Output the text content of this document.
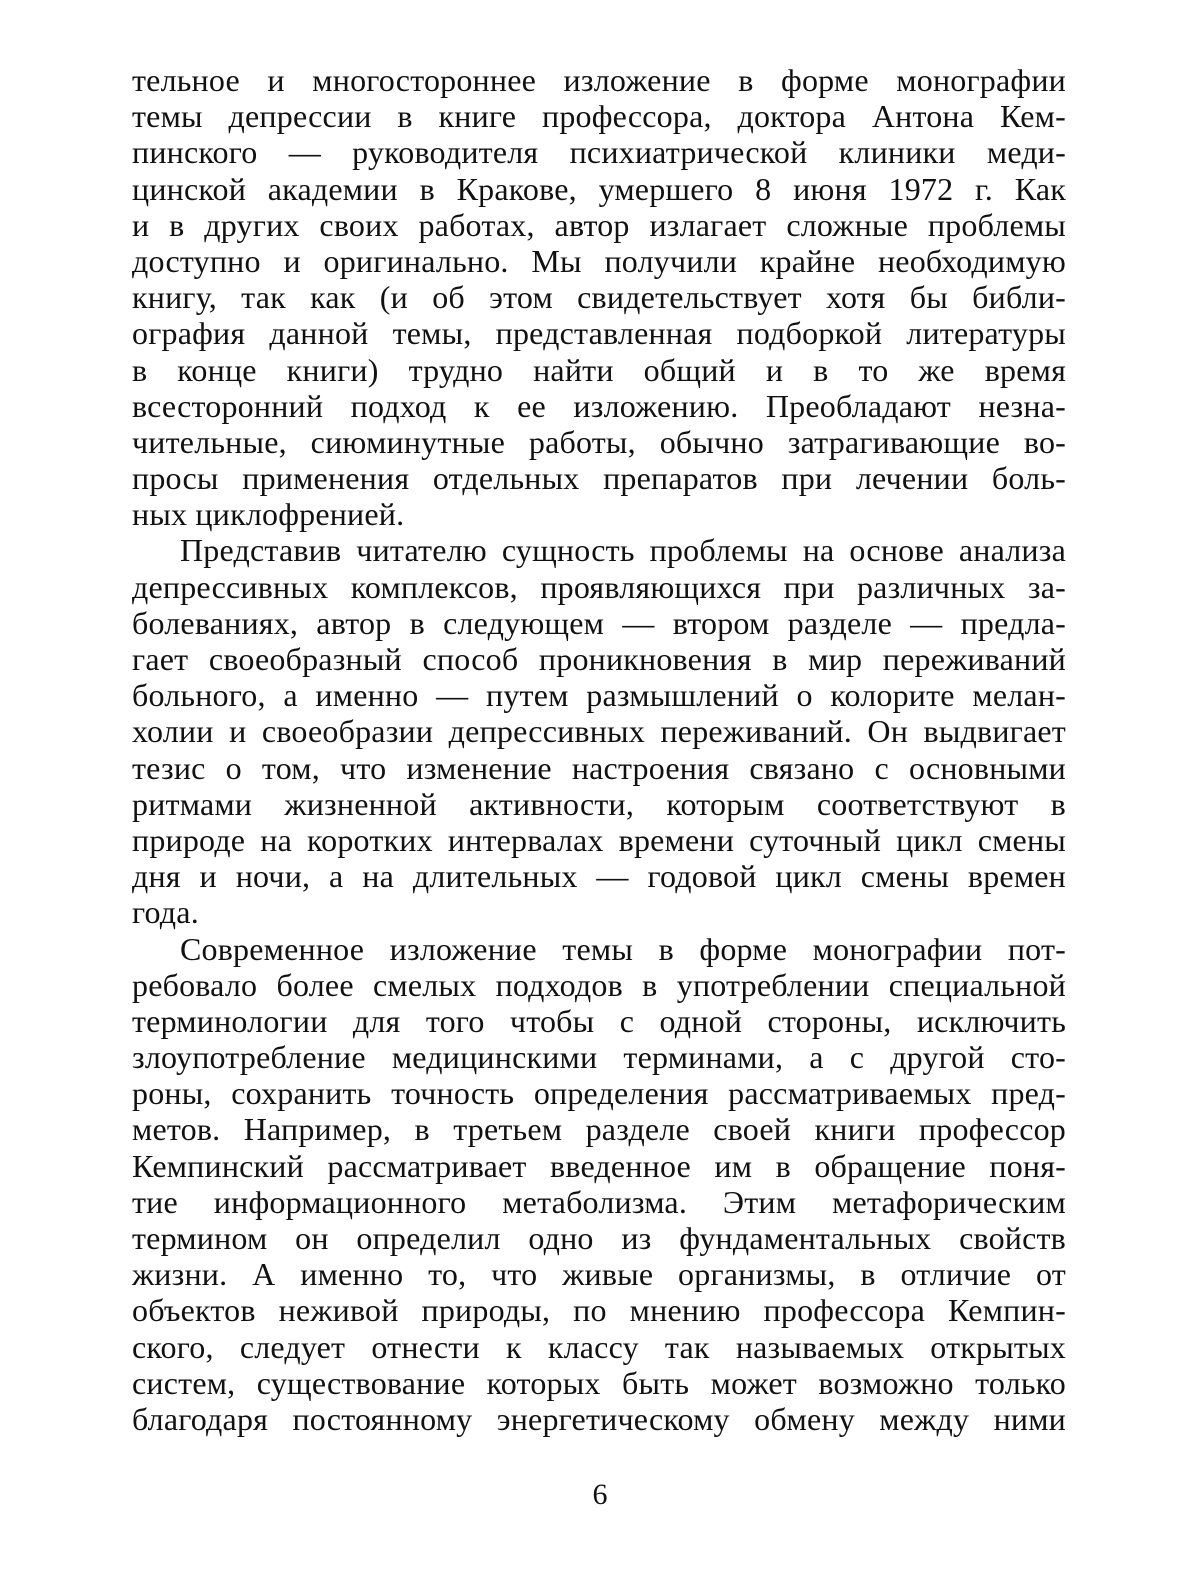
тельное и многостороннее изложение в форме монографии
темы депрессии в книге профессора, доктора Антона Кем-
пинского — руководителя психиатрической клиники меди-
цинской академии в Кракове, умершего 8 июня 1972 г. Как
и в других своих работах, автор излагает сложные проблемы
доступно и оригинально. Мы получили крайне необходимую
книгу, так как (и об этом свидетельствует хотя бы библи-
ография данной темы, представленная подборкой литературы
в конце книги) трудно найти общий и в то же время
всесторонний подход к ее изложению. Преобладают незна-
чительные, сиюминутные работы, обычно затрагивающие во-
просы применения отдельных препаратов при лечении боль-
ных циклофренией.
Представив читателю сущность проблемы на основе анализа
депрессивных комплексов, проявляющихся при различных за-
болеваниях, автор в следующем — втором разделе — предла-
гает своеобразный способ проникновения в мир переживаний
больного, а именно — путем размышлений о колорите мелан-
холии и своеобразии депрессивных переживаний. Он выдвигает
тезис о том, что изменение настроения связано с основными
ритмами жизненной активности, которым соответствуют в
природе на коротких интервалах времени суточный цикл смены
дня и ночи, а на длительных — годовой цикл смены времен
года.
Современное изложение темы в форме монографии пот-
ребовало более смелых подходов в употреблении специальной
терминологии для того чтобы с одной стороны, исключить
злоупотребление медицинскими терминами, а с другой сто-
роны, сохранить точность определения рассматриваемых пред-
метов. Например, в третьем разделе своей книги профессор
Кемпинский рассматривает введенное им в обращение поня-
тие информационного метаболизма. Этим метафорическим
термином он определил одно из фундаментальных свойств
жизни. А именно то, что живые организмы, в отличие от
объектов неживой природы, по мнению профессора Кемпин-
ского, следует отнести к классу так называемых открытых
систем, существование которых быть может возможно только
благодаря постоянному энергетическому обмену между ними
6
